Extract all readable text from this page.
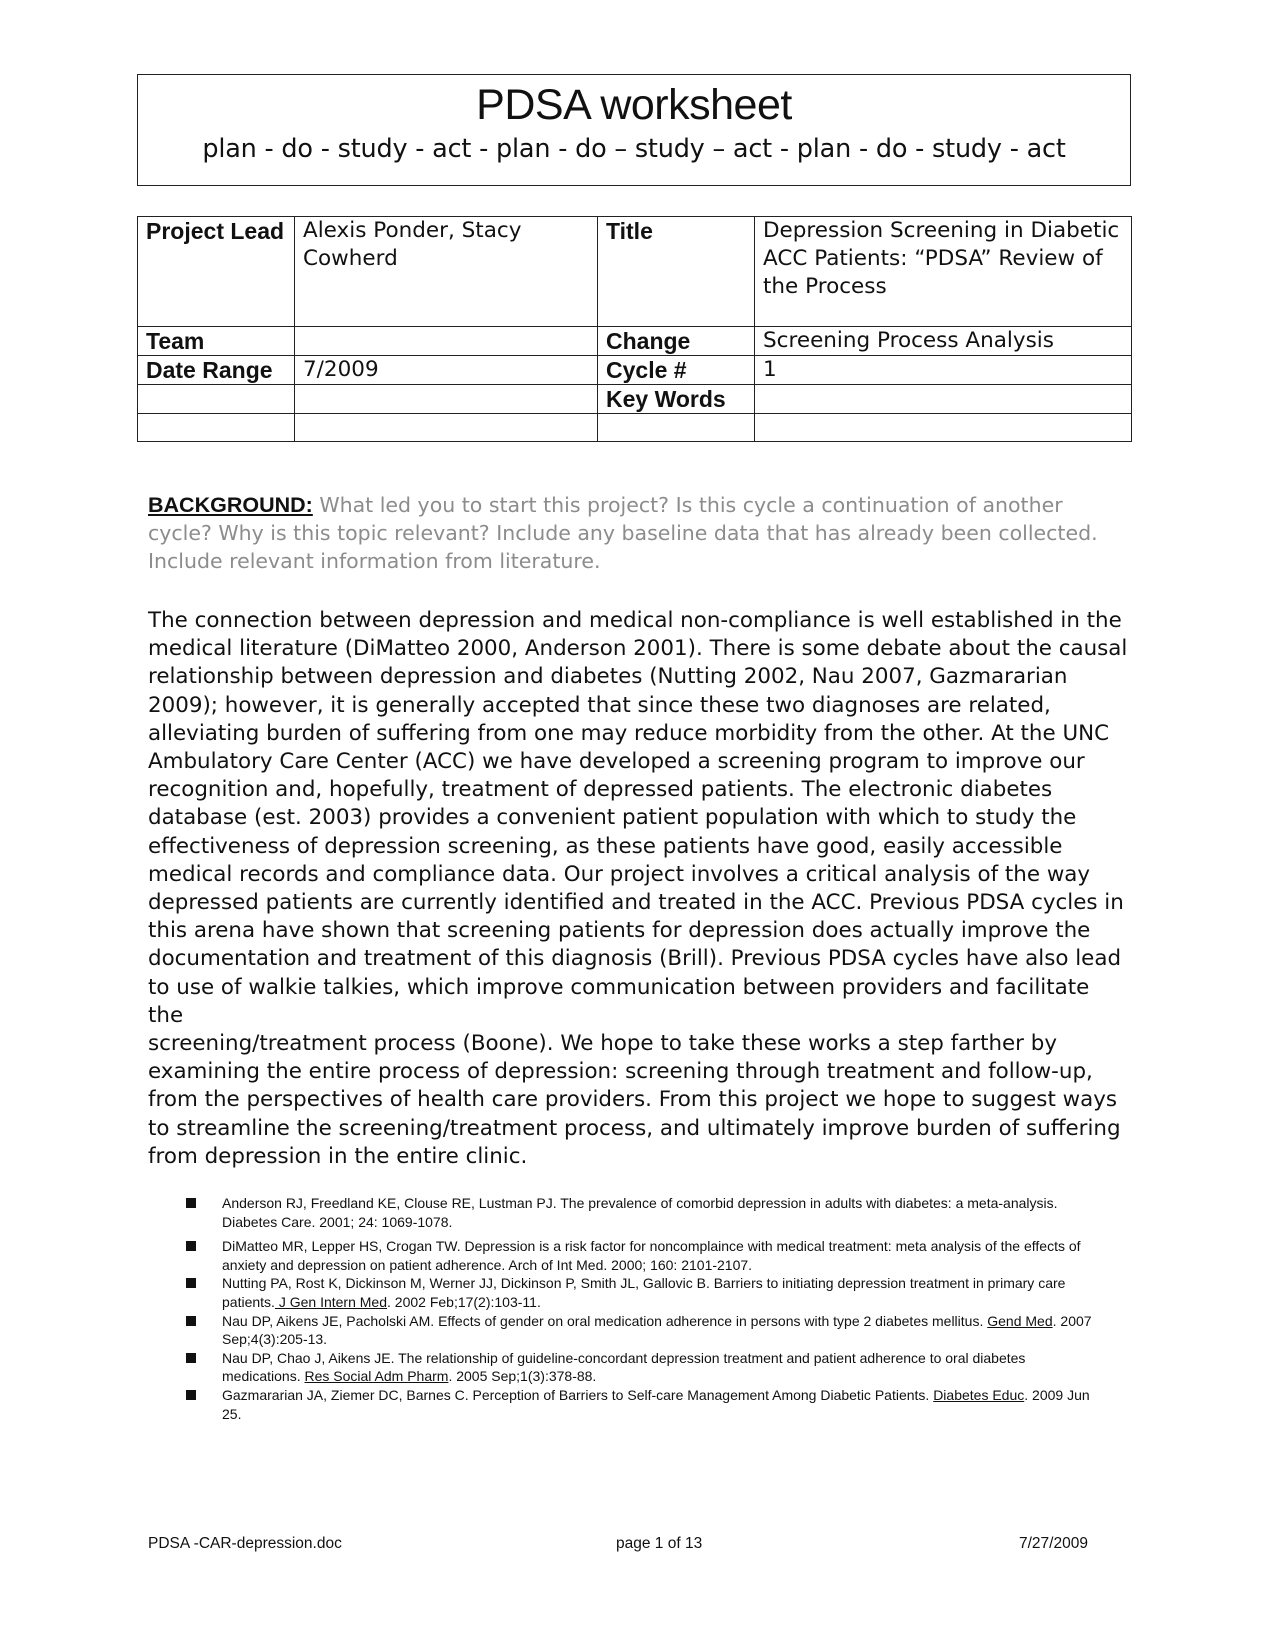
PDSA worksheet
plan - do - study - act - plan - do – study – act - plan - do - study - act
Project Lead	Alexis Ponder, Stacy Cowherd	Title	Depression Screening in Diabetic ACC Patients: “PDSA” Review of the Process
Team		Change	Screening Process Analysis
Date Range	7/2009	Cycle #	1
		Key Words	

BACKGROUND: What led you to start this project? Is this cycle a continuation of another cycle? Why is this topic relevant? Include any baseline data that has already been collected. Include relevant information from literature.

The connection between depression and medical non-compliance is well established in the
medical literature (DiMatteo 2000, Anderson 2001). There is some debate about the causal
relationship between depression and diabetes (Nutting 2002, Nau 2007, Gazmararian
2009); however, it is generally accepted that since these two diagnoses are related,
alleviating burden of suffering from one may reduce morbidity from the other. At the UNC
Ambulatory Care Center (ACC) we have developed a screening program to improve our
recognition and, hopefully, treatment of depressed patients. The electronic diabetes
database (est. 2003) provides a convenient patient population with which to study the
effectiveness of depression screening, as these patients have good, easily accessible
medical records and compliance data. Our project involves a critical analysis of the way
depressed patients are currently identified and treated in the ACC. Previous PDSA cycles in
this arena have shown that screening patients for depression does actually improve the
documentation and treatment of this diagnosis (Brill). Previous PDSA cycles have also lead
to use of walkie talkies, which improve communication between providers and facilitate the
screening/treatment process (Boone). We hope to take these works a step farther by
examining the entire process of depression: screening through treatment and follow-up,
from the perspectives of health care providers. From this project we hope to suggest ways
to streamline the screening/treatment process, and ultimately improve burden of suffering
from depression in the entire clinic.

Anderson RJ, Freedland KE, Clouse RE, Lustman PJ. The prevalence of comorbid depression in adults with diabetes: a meta-analysis. Diabetes Care. 2001; 24: 1069-1078.
DiMatteo MR, Lepper HS, Crogan TW. Depression is a risk factor for noncomplaince with medical treatment: meta analysis of the effects of anxiety and depression on patient adherence. Arch of Int Med. 2000; 160: 2101-2107.
Nutting PA, Rost K, Dickinson M, Werner JJ, Dickinson P, Smith JL, Gallovic B. Barriers to initiating depression treatment in primary care patients. J Gen Intern Med. 2002 Feb;17(2):103-11.
Nau DP, Aikens JE, Pacholski AM. Effects of gender on oral medication adherence in persons with type 2 diabetes mellitus. Gend Med. 2007 Sep;4(3):205-13.
Nau DP, Chao J, Aikens JE. The relationship of guideline-concordant depression treatment and patient adherence to oral diabetes medications. Res Social Adm Pharm. 2005 Sep;1(3):378-88.
Gazmararian JA, Ziemer DC, Barnes C. Perception of Barriers to Self-care Management Among Diabetic Patients. Diabetes Educ. 2009 Jun 25.
PDSA -CAR-depression.doc	page 1 of 13	7/27/2009
